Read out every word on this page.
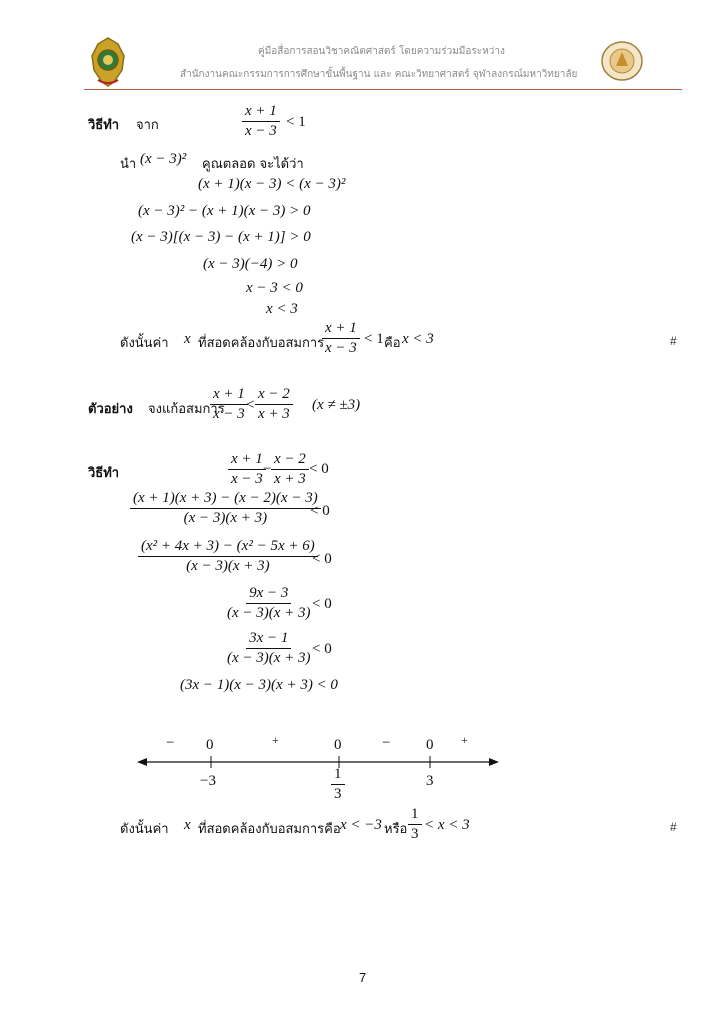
คู่มือสื่อการสอนวิชาคณิตศาสตร์ โดยความร่วมมือระหว่าง
สำนักงานคณะกรรมการการศึกษาขั้นพื้นฐาน และ คณะวิทยาศาสตร์ จุฬาลงกรณ์มหาวิทยาลัย
วิธีทำ จาก	$\frac{x + 1}{x - 3} < 1$
นำ (x − 3)² คูณตลอด จะได้ว่า
(x + 1)(x − 3) < (x − 3)²
(x − 3)² − (x + 1)(x − 3) > 0
(x − 3)[(x − 3) − (x + 1)] > 0
(x − 3)(−4) > 0
x − 3 < 0
x < 3
ดังนั้นค่า x ที่สอดคล้องกับอสมการ
$\frac{x + 1}{x - 3} < 1$ คือ x < 3	#
ตัวอย่าง จงแก้อสมการ
$\frac{x + 1}{x - 3}$
< $\frac{x - 2}{x + 3} (x \ne \pm 3)$
วิธีทำ	$\frac{x + 1}{x - 3}$
− $\frac{x - 2}{x + 3} < 0$
$\frac{(x + 1)(x + 3) - (x - 2)(x - 3)}{(x - 3)(x + 3)}$
< 0
$\frac{\text{(x² + 4x + 3) − (x² − 5x + 6)}}{(x - 3)(x + 3)}$
< 0
$\frac{9x - 3}{(x - 3)(x + 3)}$
< 0
$\frac{3x - 1}{(x - 3)(x + 3)}$
< 0
(3x − 1)(x − 3)(x + 3) < 0
− 0	+	0	− 0 +
−3	$\frac{1}{3}$	3
ดังนั้นค่า x ที่สอดคล้องกับอสมการคือ x < −3 หรือ $\frac{1}{3} < x < 3$	#
7
